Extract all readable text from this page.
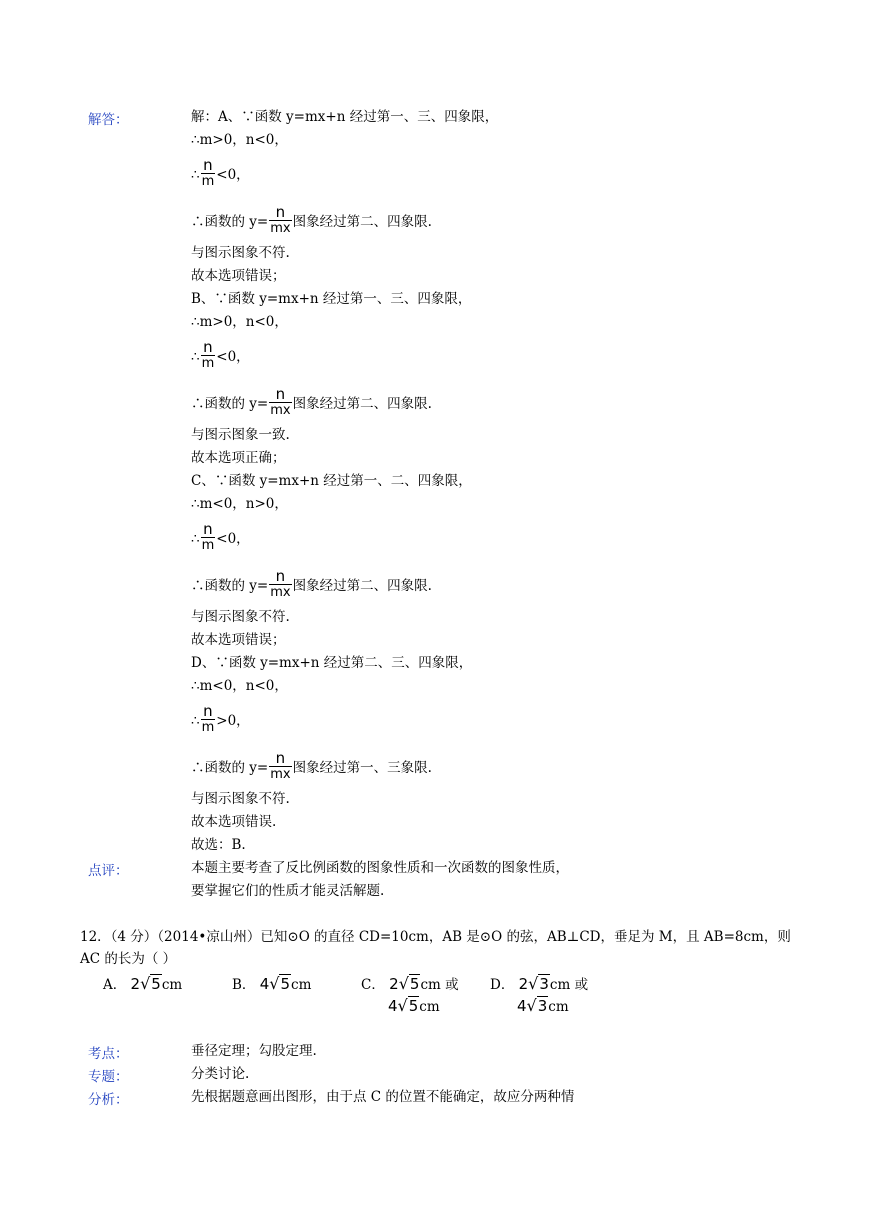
解答：	解：A、∵函数 y=mx+n 经过第一、三、四象限，
∴m>0，n<0，
∴ $\frac{n}{m} <0$，
∴函数的 $y= \frac{n}{mx}$ 图象经过第二、四象限.
与图示图象不符.
故本选项错误；
B、∵函数 y=mx+n 经过第一、三、四象限，
∴m>0，n<0，
∴ $\frac{n}{m} <0$，
∴函数的 $y= \frac{n}{mx}$ 图象经过第二、四象限.
与图示图象一致.
故本选项正确；
C、∵函数 y=mx+n 经过第一、二、四象限，
∴m<0，n>0，
∴ $\frac{n}{m} <0$，
∴函数的 $y= \frac{n}{mx}$ 图象经过第二、四象限.
与图示图象不符.
故本选项错误；
D、∵函数 y=mx+n 经过第二、三、四象限，
∴m<0，n<0，
∴ $\frac{n}{m} >0$，
∴函数的 $y= \frac{n}{mx}$ 图象经过第一、三象限.
与图示图象不符.
故本选项错误.
故选：B.
点评：	本题主要考查了反比例函数的图象性质和一次函数的图象性质，
要掌握它们的性质才能灵活解题.
12．（4 分）（2014•凉山州）已知⊙O 的直径 CD=10cm，AB 是⊙O 的弦，AB⊥CD，垂足为 M，且 AB=8cm，则
AC 的长为（ ）
A． 2√5cm	B． 4√5cm	C． 2√5cm 或
4√5cm
D． 2√3cm 或
4√3cm
考点：	垂径定理；勾股定理.
专题：	分类讨论.
分析：	先根据题意画出图形，由于点 C 的位置不能确定，故应分两种情
